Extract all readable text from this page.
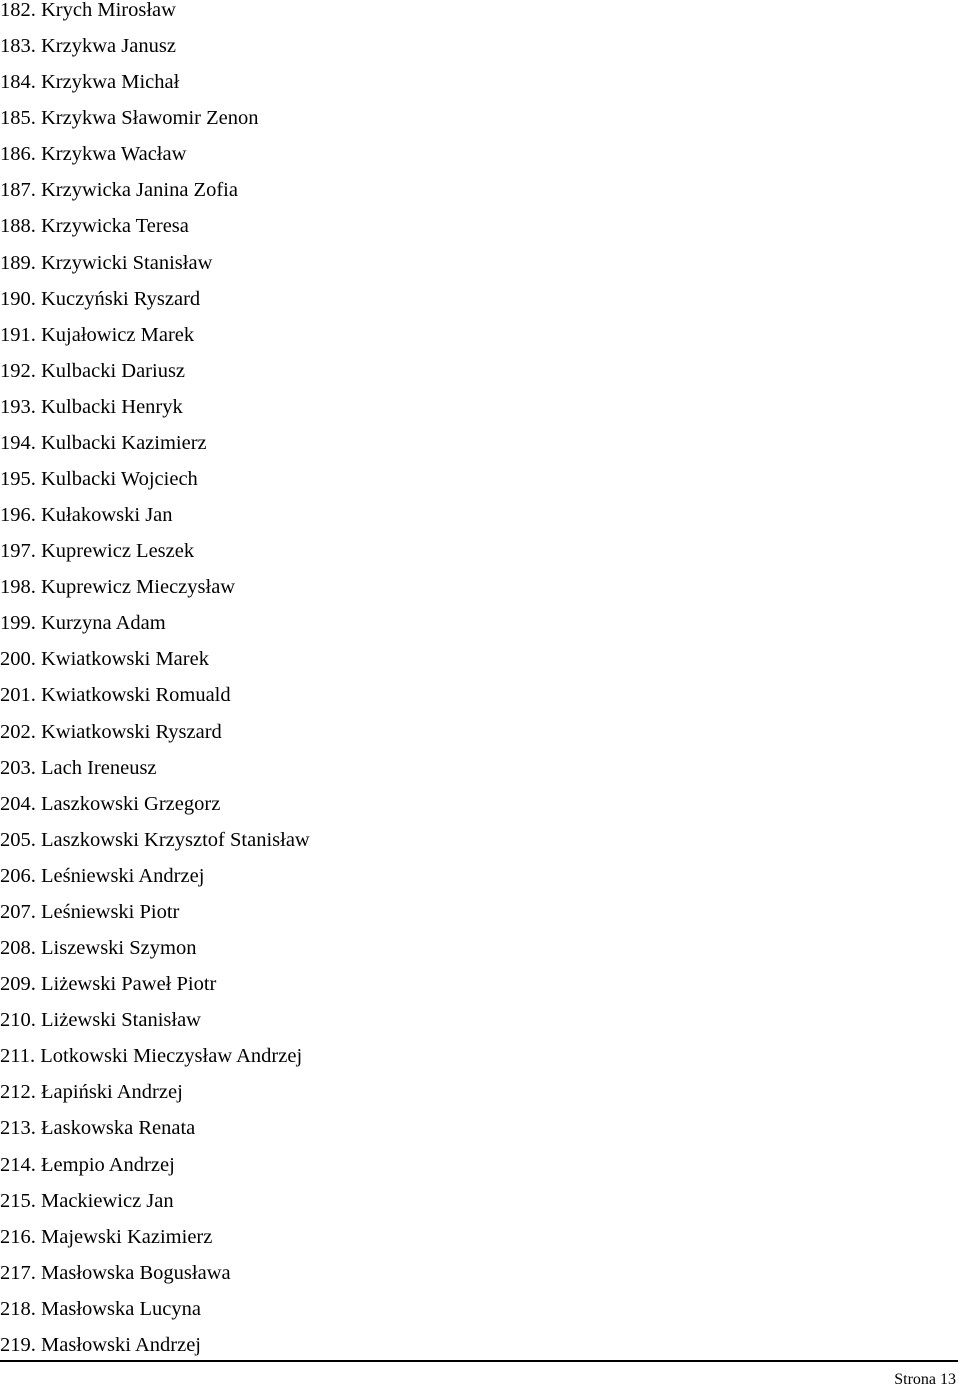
182. Krych Mirosław
183. Krzykwa Janusz
184. Krzykwa Michał
185. Krzykwa Sławomir Zenon
186. Krzykwa Wacław
187. Krzywicka Janina Zofia
188. Krzywicka Teresa
189. Krzywicki Stanisław
190. Kuczyński Ryszard
191. Kujałowicz Marek
192. Kulbacki Dariusz
193. Kulbacki Henryk
194. Kulbacki Kazimierz
195. Kulbacki Wojciech
196. Kułakowski Jan
197. Kuprewicz Leszek
198. Kuprewicz Mieczysław
199. Kurzyna Adam
200. Kwiatkowski Marek
201. Kwiatkowski Romuald
202. Kwiatkowski Ryszard
203. Lach Ireneusz
204. Laszkowski Grzegorz
205. Laszkowski Krzysztof Stanisław
206. Leśniewski Andrzej
207. Leśniewski Piotr
208. Liszewski Szymon
209. Liżewski Paweł Piotr
210. Liżewski Stanisław
211. Lotkowski Mieczysław Andrzej
212. Łapiński Andrzej
213. Łaskowska Renata
214. Łempio Andrzej
215. Mackiewicz Jan
216. Majewski Kazimierz
217. Masłowska Bogusława
218. Masłowska Lucyna
219. Masłowski Andrzej
Strona 13
